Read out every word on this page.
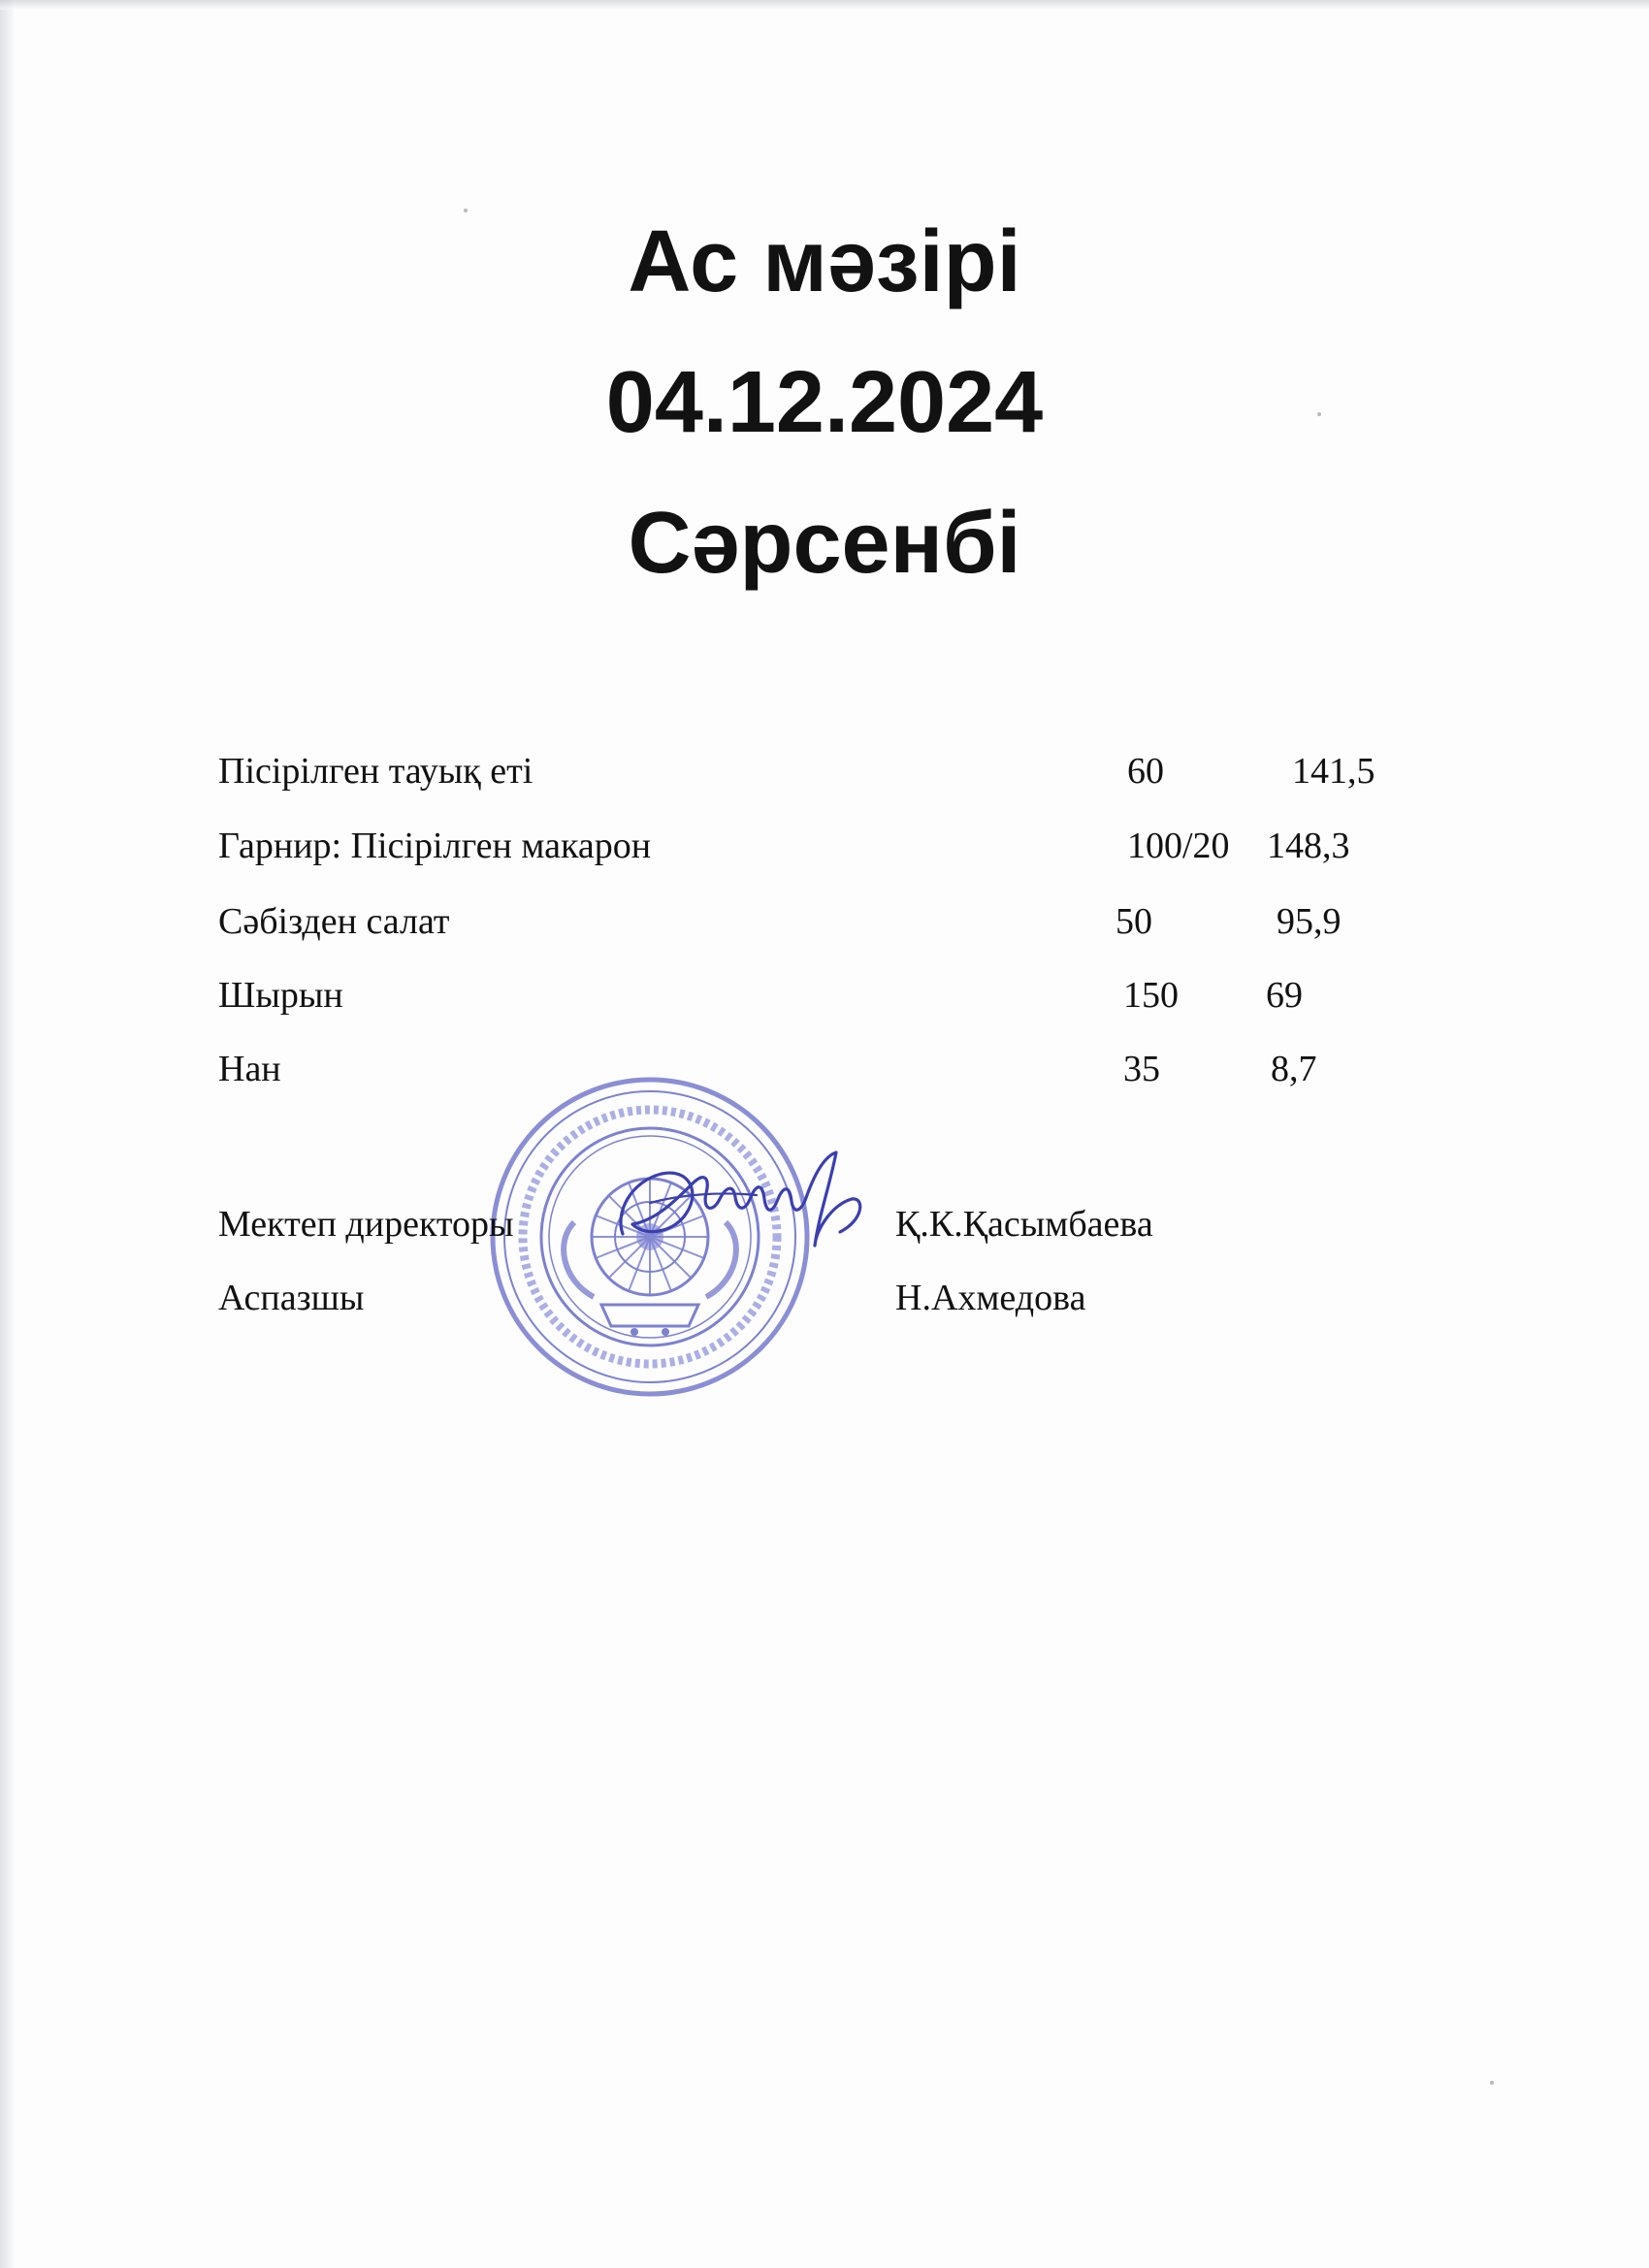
Ас мәзірі
04.12.2024
Сәрсенбі
Пісірілген тауық еті	60	141,5
Гарнир: Пісірілген макарон	100/20 148,3
Сәбізден салат	50	95,9
Шырын	150 69
Нан	35	8,7
Мектеп директоры	Қ.К.Қасымбаева
Аспазшы	Н.Ахмедова
